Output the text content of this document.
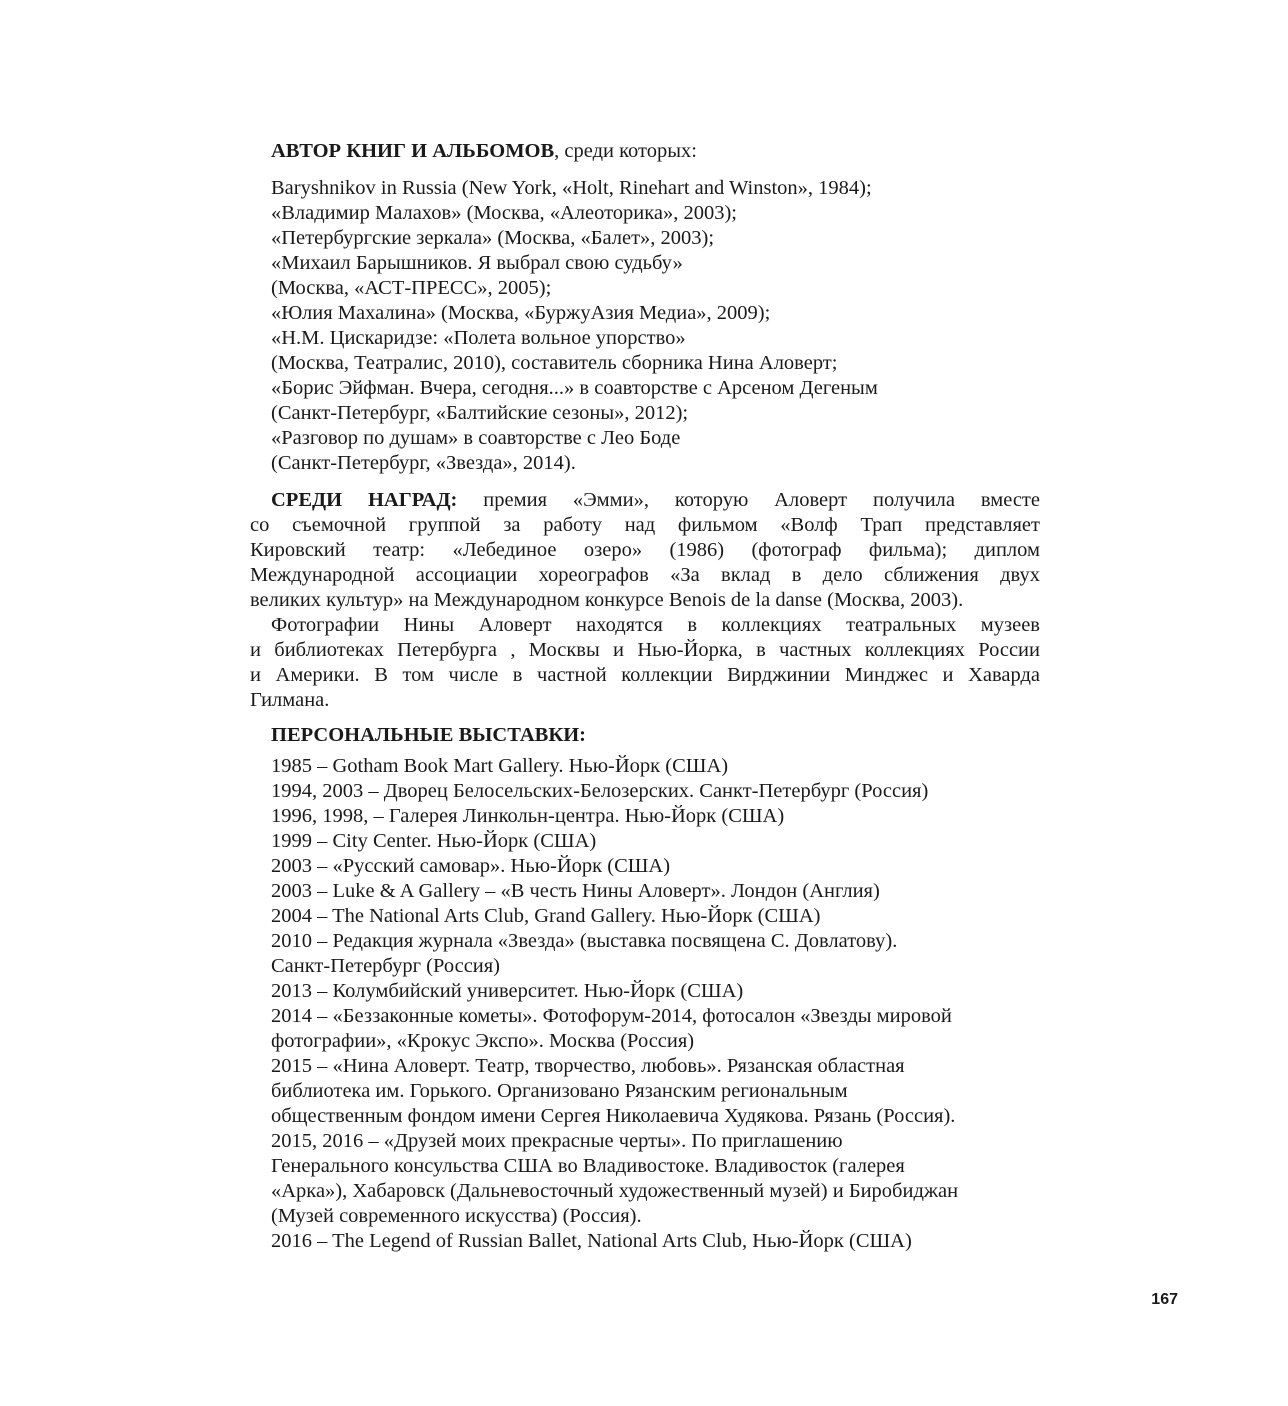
АВТОР КНИГ И АЛЬБОМОВ, среди которых:
Baryshnikov in Russia (New York, «Holt, Rinehart and Winston», 1984);
«Владимир Малахов» (Москва, «Алеоторика», 2003);
«Петербургские зеркала» (Москва, «Балет», 2003);
«Михаил Барышников. Я выбрал свою судьбу»
(Москва, «АСТ-ПРЕСС», 2005);
«Юлия Махалина» (Москва, «БуржуАзия Медиа», 2009);
«Н.М. Цискаридзе: «Полета вольное упорство»
(Москва, Театралис, 2010), составитель сборника Нина Аловерт;
«Борис Эйфман. Вчера, сегодня...» в соавторстве с Арсеном Дегеным
(Санкт-Петербург, «Балтийские сезоны», 2012);
«Разговор по душам» в соавторстве с Лео Боде
(Санкт-Петербург, «Звезда», 2014).
СРЕДИ НАГРАД: премия «Эмми», которую Аловерт получила вместе
со съемочной группой за работу над фильмом «Волф Трап представляет
Кировский театр: «Лебединое озеро» (1986) (фотограф фильма); диплом
Международной ассоциации хореографов «За вклад в дело сближения двух
великих культур» на Международном конкурсе Benois de la danse (Москва, 2003).
Фотографии Нины Аловерт находятся в коллекциях театральных музеев
и библиотеках Петербурга , Москвы и Нью-Йорка, в частных коллекциях России
и Америки. В том числе в частной коллекции Вирджинии Минджес и Хаварда
Гилмана.
ПЕРСОНАЛЬНЫЕ ВЫСТАВКИ:
1985 – Gotham Book Mart Gallery. Нью-Йорк (США)
1994, 2003 – Дворец Белосельских-Белозерских. Санкт-Петербург (Россия)
1996, 1998, – Галерея Линкольн-центра. Нью-Йорк (США)
1999 – City Center. Нью-Йорк (США)
2003 – «Русский самовар». Нью-Йорк (США)
2003 – Luke & A Gallery – «В честь Нины Аловерт». Лондон (Англия)
2004 – The National Arts Club, Grand Gallery. Нью-Йорк (США)
2010 – Редакция журнала «Звезда» (выставка посвящена С. Довлатову).
Санкт-Петербург (Россия)
2013 – Колумбийский университет. Нью-Йорк (США)
2014 – «Беззаконные кометы». Фотофорум-2014, фотосалон «Звезды мировой
фотографии», «Крокус Экспо». Москва (Россия)
2015 – «Нина Аловерт. Театр, творчество, любовь». Рязанская областная
библиотека им. Горького. Организовано Рязанским региональным
общественным фондом имени Сергея Николаевича Худякова. Рязань (Россия).
2015, 2016 – «Друзей моих прекрасные черты». По приглашению
Генерального консульства США во Владивостоке. Владивосток (галерея
«Арка»), Хабаровск (Дальневосточный художественный музей) и Биробиджан
(Музей современного искусства) (Россия).
2016 – The Legend of Russian Ballet, National Arts Club, Нью-Йорк (США)
167
